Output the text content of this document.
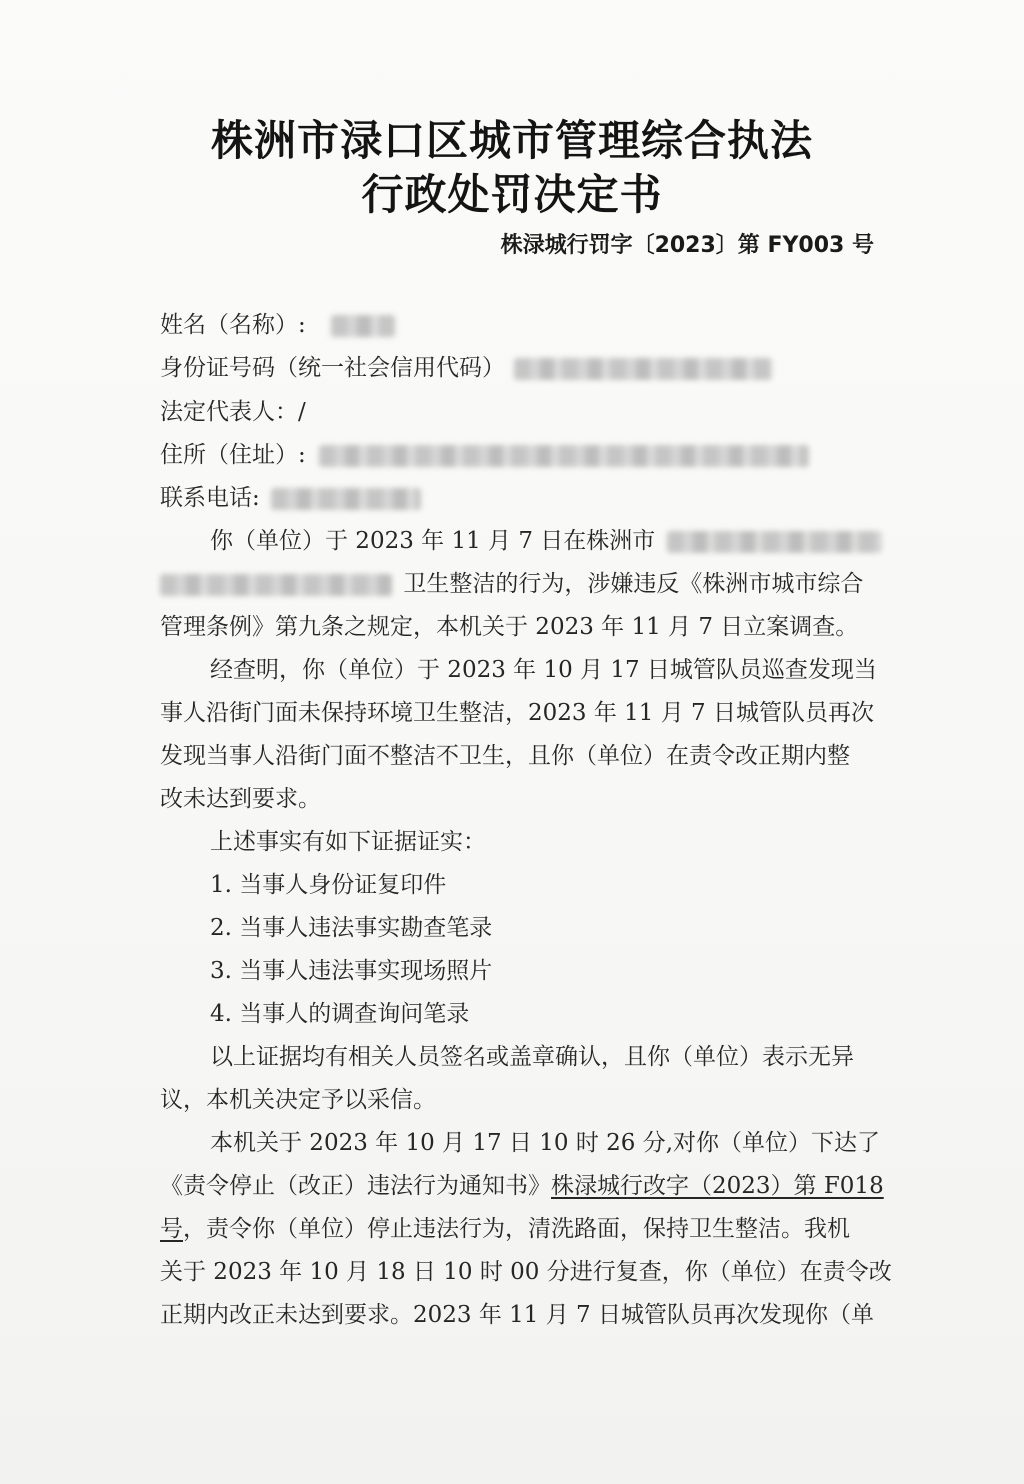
株洲市渌口区城市管理综合执法
行政处罚决定书
株渌城行罚字〔2023〕第 FY003 号
姓名（名称）:
身份证号码（统一社会信用代码）
法定代表人：/
住所（住址）:
联系电话:
你（单位）于 2023 年 11 月 7 日在株洲市
卫生整洁的行为，涉嫌违反《株洲市城市综合
管理条例》第九条之规定，本机关于 2023 年 11 月 7 日立案调查。
经查明，你（单位）于 2023 年 10 月 17 日城管队员巡查发现当
事人沿街门面未保持环境卫生整洁，2023 年 11 月 7 日城管队员再次
发现当事人沿街门面不整洁不卫生，且你（单位）在责令改正期内整
改未达到要求。
上述事实有如下证据证实：
1. 当事人身份证复印件
2. 当事人违法事实勘查笔录
3. 当事人违法事实现场照片
4. 当事人的调查询问笔录
以上证据均有相关人员签名或盖章确认，且你（单位）表示无异
议，本机关决定予以采信。
本机关于 2023 年 10 月 17 日 10 时 26 分,对你（单位）下达了
《责令停止（改正）违法行为通知书》株渌城行改字（2023）第 F018
号，责令你（单位）停止违法行为，清洗路面，保持卫生整洁。我机
关于 2023 年 10 月 18 日 10 时 00 分进行复查，你（单位）在责令改
正期内改正未达到要求。2023 年 11 月 7 日城管队员再次发现你（单
